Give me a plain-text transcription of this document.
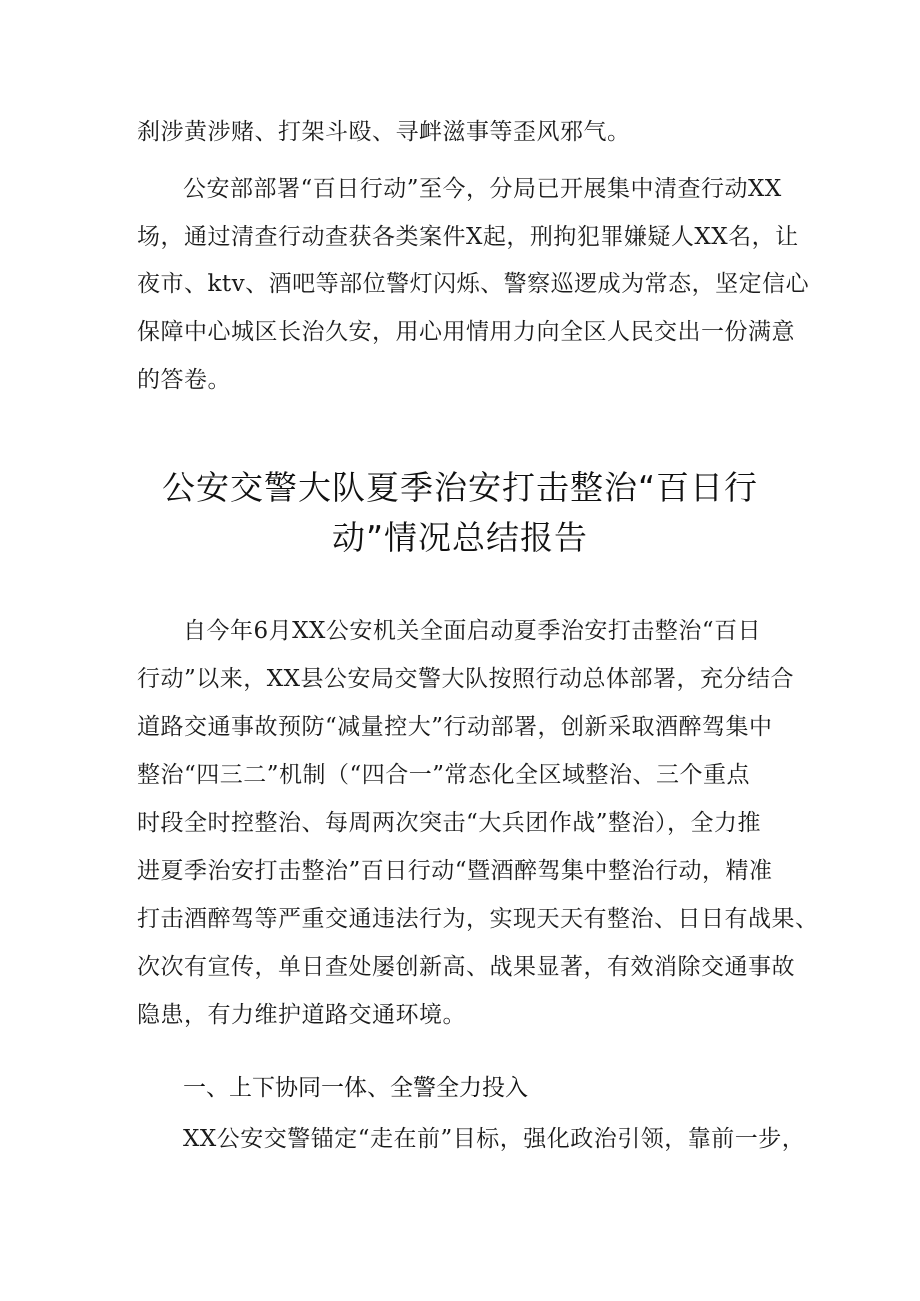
刹涉黄涉赌、打架斗殴、寻衅滋事等歪风邪气。
公安部部署“百日行动”至今，分局已开展集中清查行动XX
场，通过清查行动查获各类案件X起，刑拘犯罪嫌疑人XX名，让
夜市、ktv、酒吧等部位警灯闪烁、警察巡逻成为常态，坚定信心
保障中心城区长治久安，用心用情用力向全区人民交出一份满意
的答卷。
公安交警大队夏季治安打击整治“百日行
动”情况总结报告
自今年6月XX公安机关全面启动夏季治安打击整治“百日
行动”以来，XX县公安局交警大队按照行动总体部署，充分结合
道路交通事故预防“减量控大”行动部署，创新采取酒醉驾集中
整治“四三二”机制（“四合一”常态化全区域整治、三个重点
时段全时控整治、每周两次突击“大兵团作战”整治），全力推
进夏季治安打击整治”百日行动“暨酒醉驾集中整治行动，精准
打击酒醉驾等严重交通违法行为，实现天天有整治、日日有战果、
次次有宣传，单日查处屡创新高、战果显著，有效消除交通事故
隐患，有力维护道路交通环境。
一、上下协同一体、全警全力投入
XX公安交警锚定“走在前”目标，强化政治引领，靠前一步，
